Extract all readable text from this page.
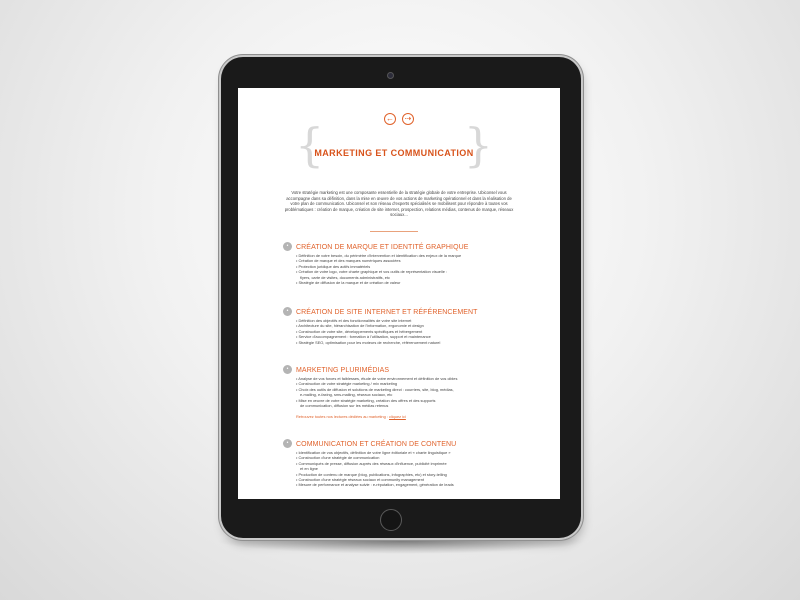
←	⇢
{	}
MARKETING ET COMMUNICATION
Votre stratégie marketing est une composante essentielle de la stratégie globale de votre entreprise. Ubiconsel vous accompagne dans sa définition, dans la mise en œuvre de vos actions de marketing opérationnel et dans la réalisation de votre plan de communication. Ubiconsel et son réseau d'experts spécialisés se mobilisent pour répondre à toutes vos problématiques : création de marque, création de site internet, prospection, relations médias, contenus de marque, réseaux sociaux...
•	CRÉATION DE MARQUE ET IDENTITÉ GRAPHIQUE
• Définition de votre besoin, du périmètre d'intervention et identification des enjeux de la marque
• Création de marque et des marques numériques associées
• Protection juridique des actifs immatériels
• Création de votre logo, votre charte graphique et vos outils de représentation visuelle :
flyers, carte de visites, documents administratifs, etc
• Stratégie de diffusion de la marque et de création de valeur
•	CRÉATION DE SITE INTERNET ET RÉFÉRENCEMENT
• Définition des objectifs et des fonctionnalités de votre site internet
• Architecture du site, hiérarchisation de l'information, ergonomie et design
• Construction de votre site, développements spécifiques et hébergement
• Service d'accompagnement : formation à l'utilisation, support et maintenance
• Stratégie SEO, optimisation pour les moteurs de recherche, référencement naturel
•	MARKETING PLURIMÉDIAS
• Analyse de vos forces et faiblesses, étude de votre environnement et définition de vos cibles
• Construction de votre stratégie marketing / mix marketing
• Choix des outils de diffusion et solutions de marketing direct : courriers, site, blog, médias,
e-mailing, e-faxing, sms-mailing, réseaux sociaux, etc
• Mise en œuvre de votre stratégie marketing, création des offres et des supports
de communication, diffusion sur les médias retenus
Retrouvez toutes nos lectures dédiées au marketing : cliquez ici
•	COMMUNICATION ET CRÉATION DE CONTENU
• Identification de vos objectifs, définition de votre ligne éditoriale et « charte linguistique »
• Construction d'une stratégie de communication
• Communiqués de presse, diffusion auprès des réseaux d'influence, publicité imprimée
et en ligne
• Production de contenu de marque (blog, publications, infographies, etc) et story-telling
• Construction d'une stratégie réseaux sociaux et community management
• Mesure de performance et analyse suivie : e-réputation, engagement, génération de leads
